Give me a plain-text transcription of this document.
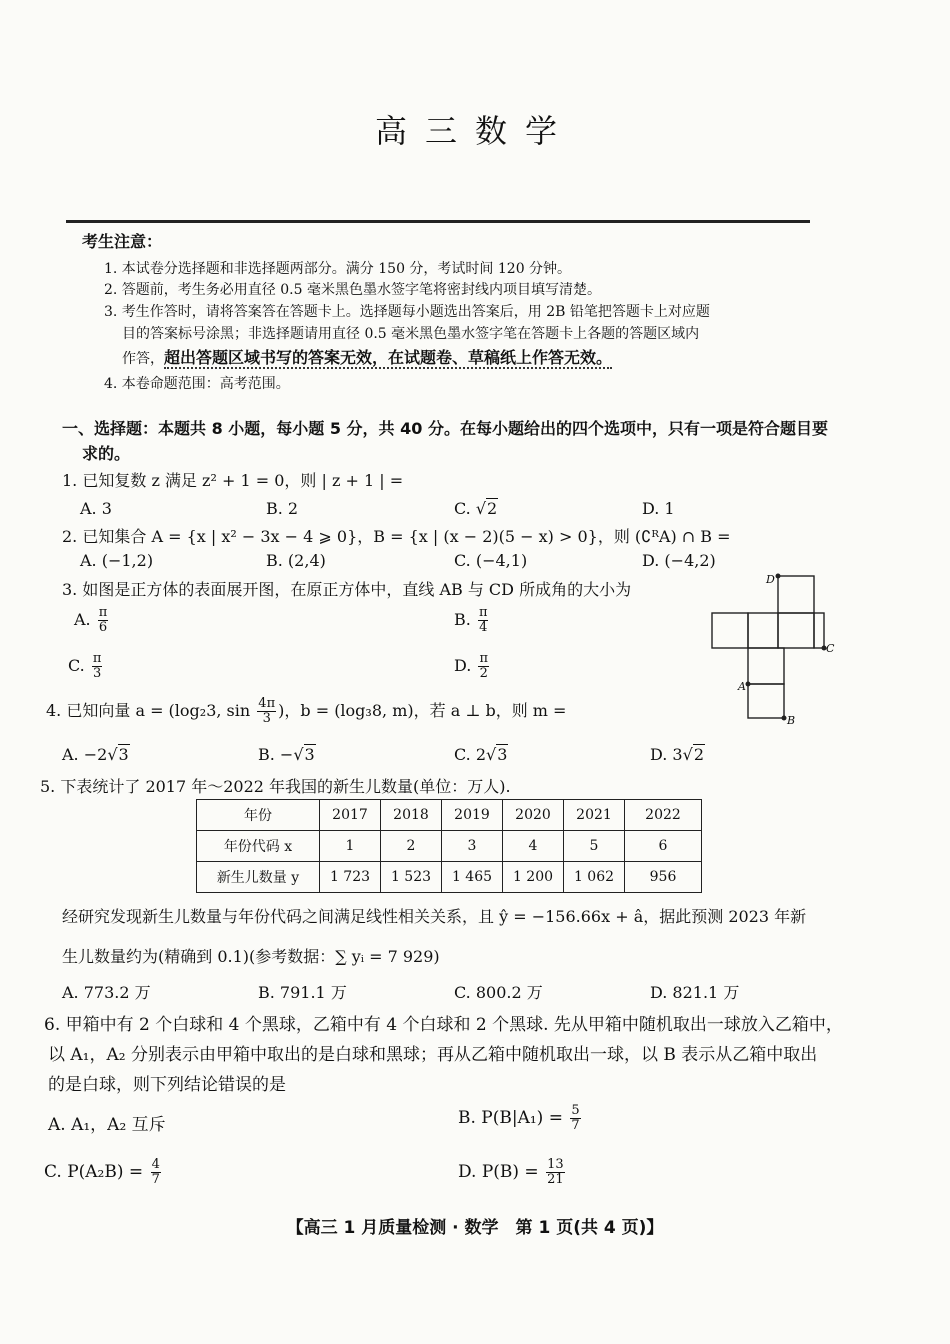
高三数学
考生注意：
1. 本试卷分选择题和非选择题两部分。满分 150 分，考试时间 120 分钟。
2. 答题前，考生务必用直径 0.5 毫米黑色墨水签字笔将密封线内项目填写清楚。
3. 考生作答时，请将答案答在答题卡上。选择题每小题选出答案后，用 2B 铅笔把答题卡上对应题
目的答案标号涂黑；非选择题请用直径 0.5 毫米黑色墨水签字笔在答题卡上各题的答题区域内
作答，超出答题区域书写的答案无效，在试题卷、草稿纸上作答无效。
4. 本卷命题范围：高考范围。
一、选择题：本题共 8 小题，每小题 5 分，共 40 分。在每小题给出的四个选项中，只有一项是符合题目要
求的。
1. 已知复数 z 满足 z² + 1 = 0，则 | z + 1 | =
A. 3	B. 2	C. √2	D. 1
2. 已知集合 A = {x | x² − 3x − 4 ⩾ 0}，B = {x | (x − 2)(5 − x) > 0}，则 (∁ᴿA) ∩ B =
A. (−1,2)	B. (2,4)	C. (−4,1)	D. (−4,2)
3. 如图是正方体的表面展开图，在原正方体中，直线 AB 与 CD 所成角的大小为
A. $\frac{\pi}{6}$	B. $\frac{\pi}{4}$
C. $\frac{\pi}{3}$	D. $\frac{\pi}{2}$
D
C
A
B
4. 已知向量 a = (log₂3, $\sin \frac{4\pi}{3}$ )，b = (log₃8, m)，若 a ⊥ b，则 m =
A. −2√3	B. −√3	C. 2√3	D. 3√2
5. 下表统计了 2017 年～2022 年我国的新生儿数量(单位：万人).
年份	2017	2018	2019	2020	2021	2022
年份代码 x	1	2	3	4	5	6
新生儿数量 y	1 723	1 523	1 465	1 200	1 062	956
经研究发现新生儿数量与年份代码之间满足线性相关关系，且 ŷ = −156.66x + â，据此预测 2023 年新
生儿数量约为(精确到 0.1)(参考数据：∑ yᵢ = 7 929)
A. 773.2 万	B. 791.1 万	C. 800.2 万	D. 821.1 万
6. 甲箱中有 2 个白球和 4 个黑球，乙箱中有 4 个白球和 2 个黑球. 先从甲箱中随机取出一球放入乙箱中，
以 A₁，A₂ 分别表示由甲箱中取出的是白球和黑球；再从乙箱中随机取出一球，以 B 表示从乙箱中取出
的是白球，则下列结论错误的是
A. A₁，A₂ 互斥	B. $P(B|A_1) = \frac{5}{7}$
C. $P(A_2B) = \frac{4}{7}$	D. $P(B) = \frac{13}{21}$
【高三 1 月质量检测 · 数学　第 1 页(共 4 页)】
